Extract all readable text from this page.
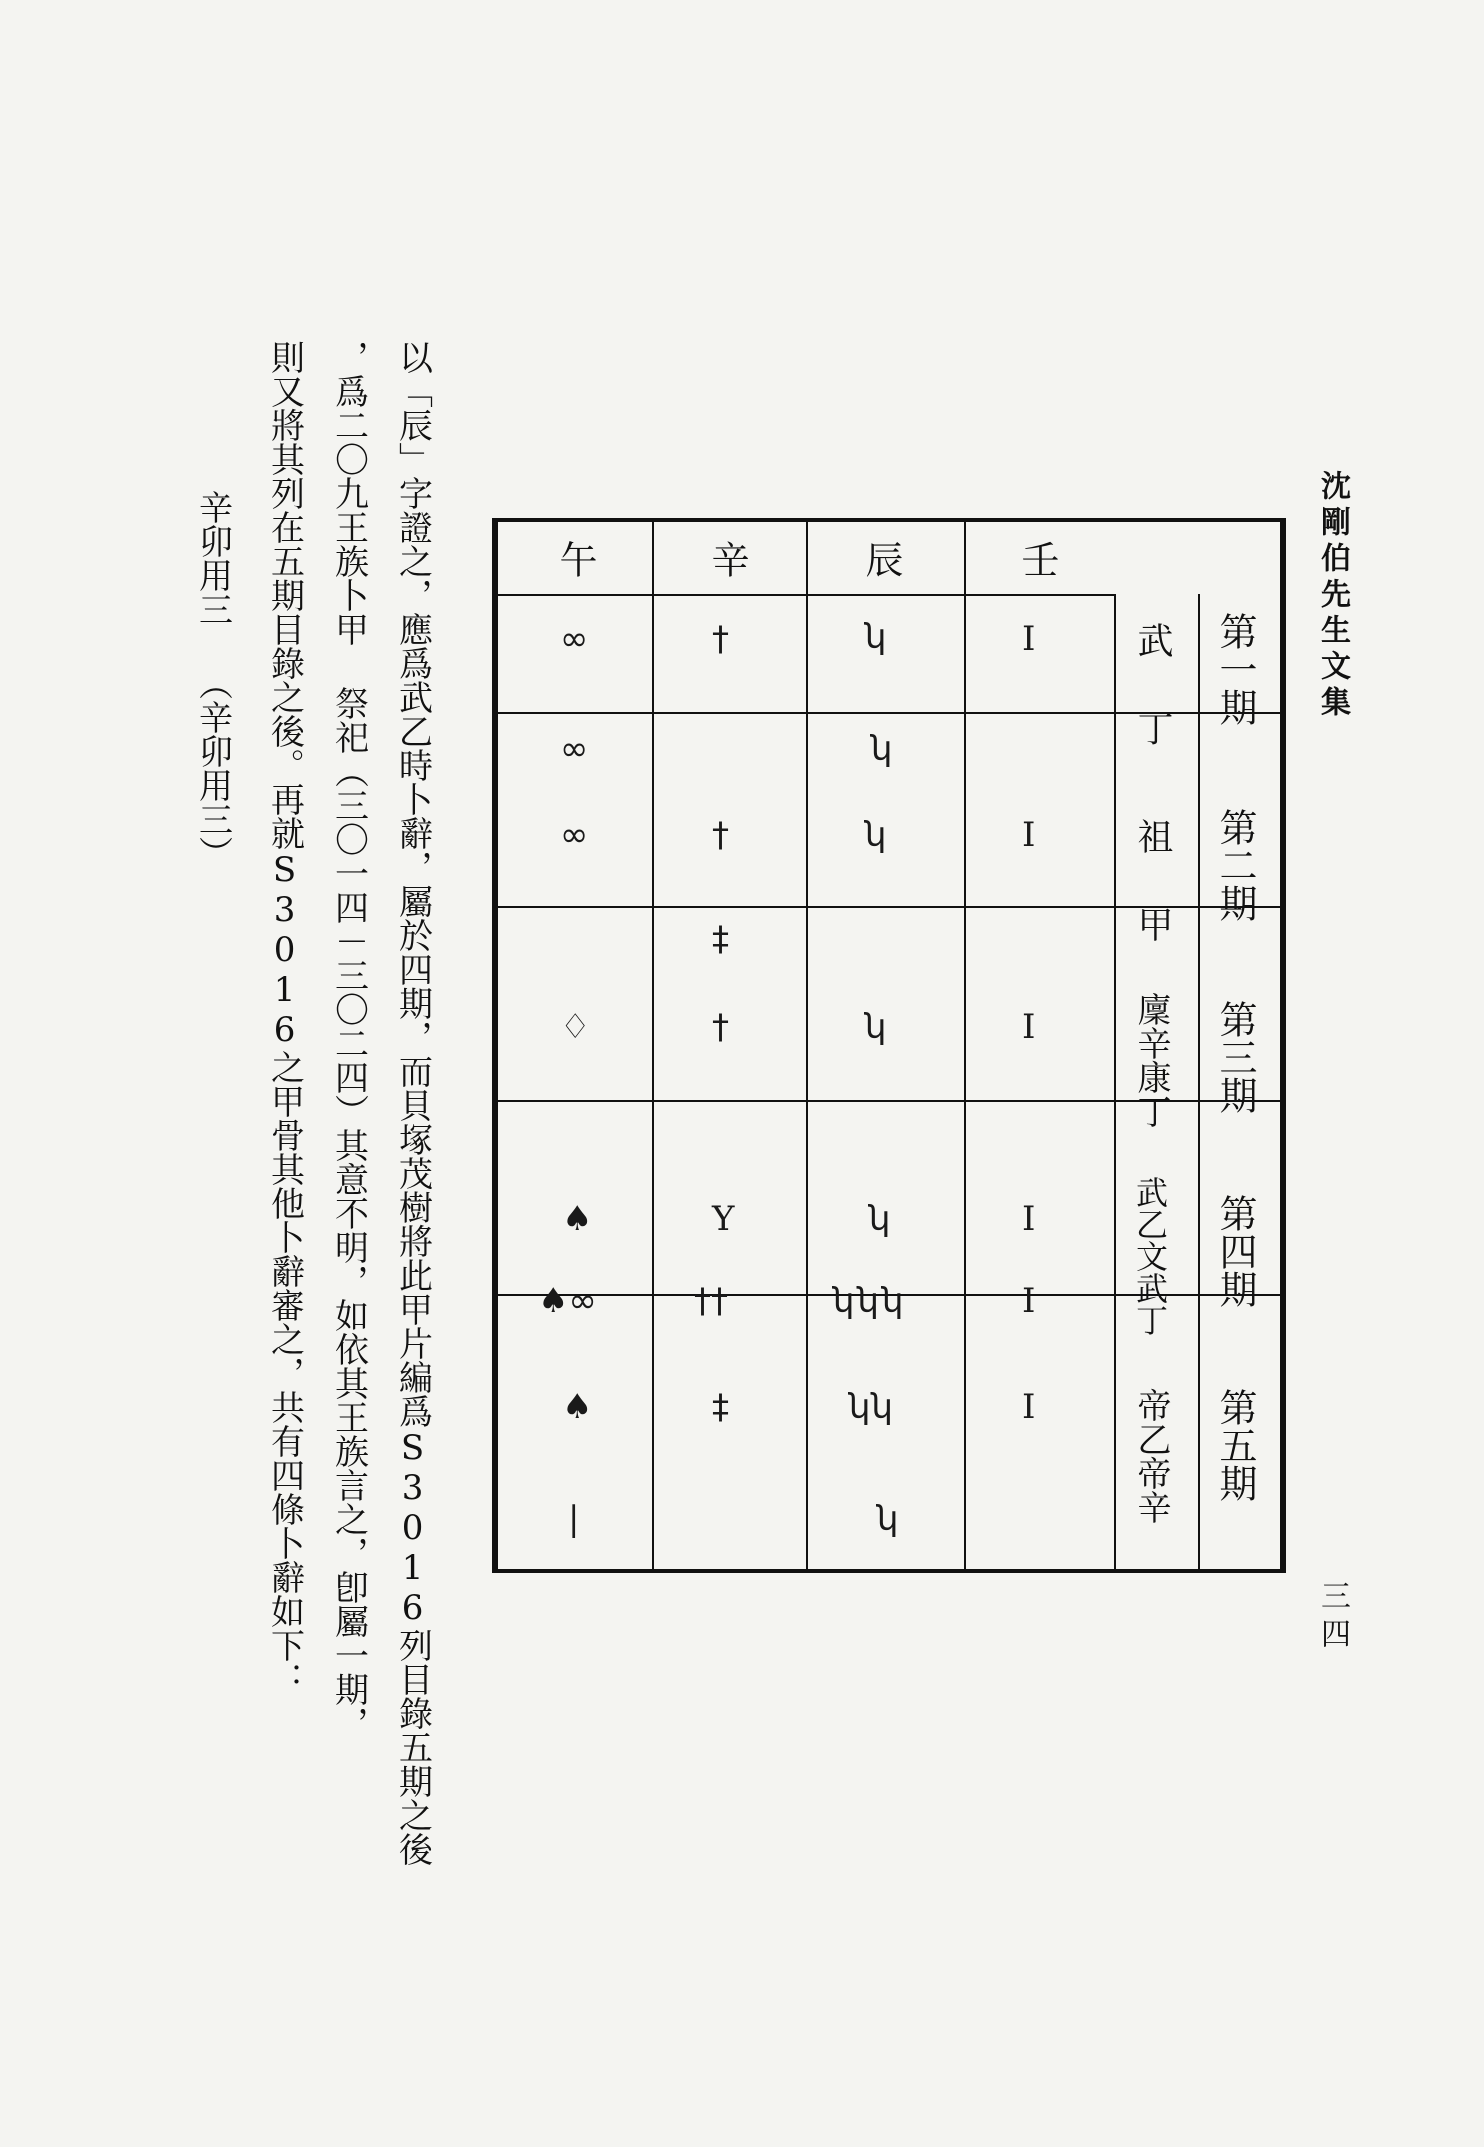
沈剛伯先生文集
三四
第一期
第二期
第三期
第四期
第五期
武丁
祖甲
廩辛康丁
武乙文武丁
帝乙帝辛
壬
辰
辛
午
I
I
I
I
I
I
ʮ
ʮ
ʮ
ʮ
ʮ
ʮʮʮ
ʮʮ
ʮ
†
†
‡
†
Y
††
‡
∞
∞
∞
♢
♠
♠∞
♠
|
以「辰」字證之，應爲武乙時卜辭，屬於四期，而貝塚茂樹將此甲片編爲S3016列目錄五期之後
，爲二〇九王族卜甲 祭祀（三〇一四－三〇二四）其意不明，如依其王族言之，卽屬一期，
則又將其列在五期目錄之後。再就S3016之甲骨其他卜辭審之，共有四條卜辭如下：
辛卯用三 （辛卯用三）
